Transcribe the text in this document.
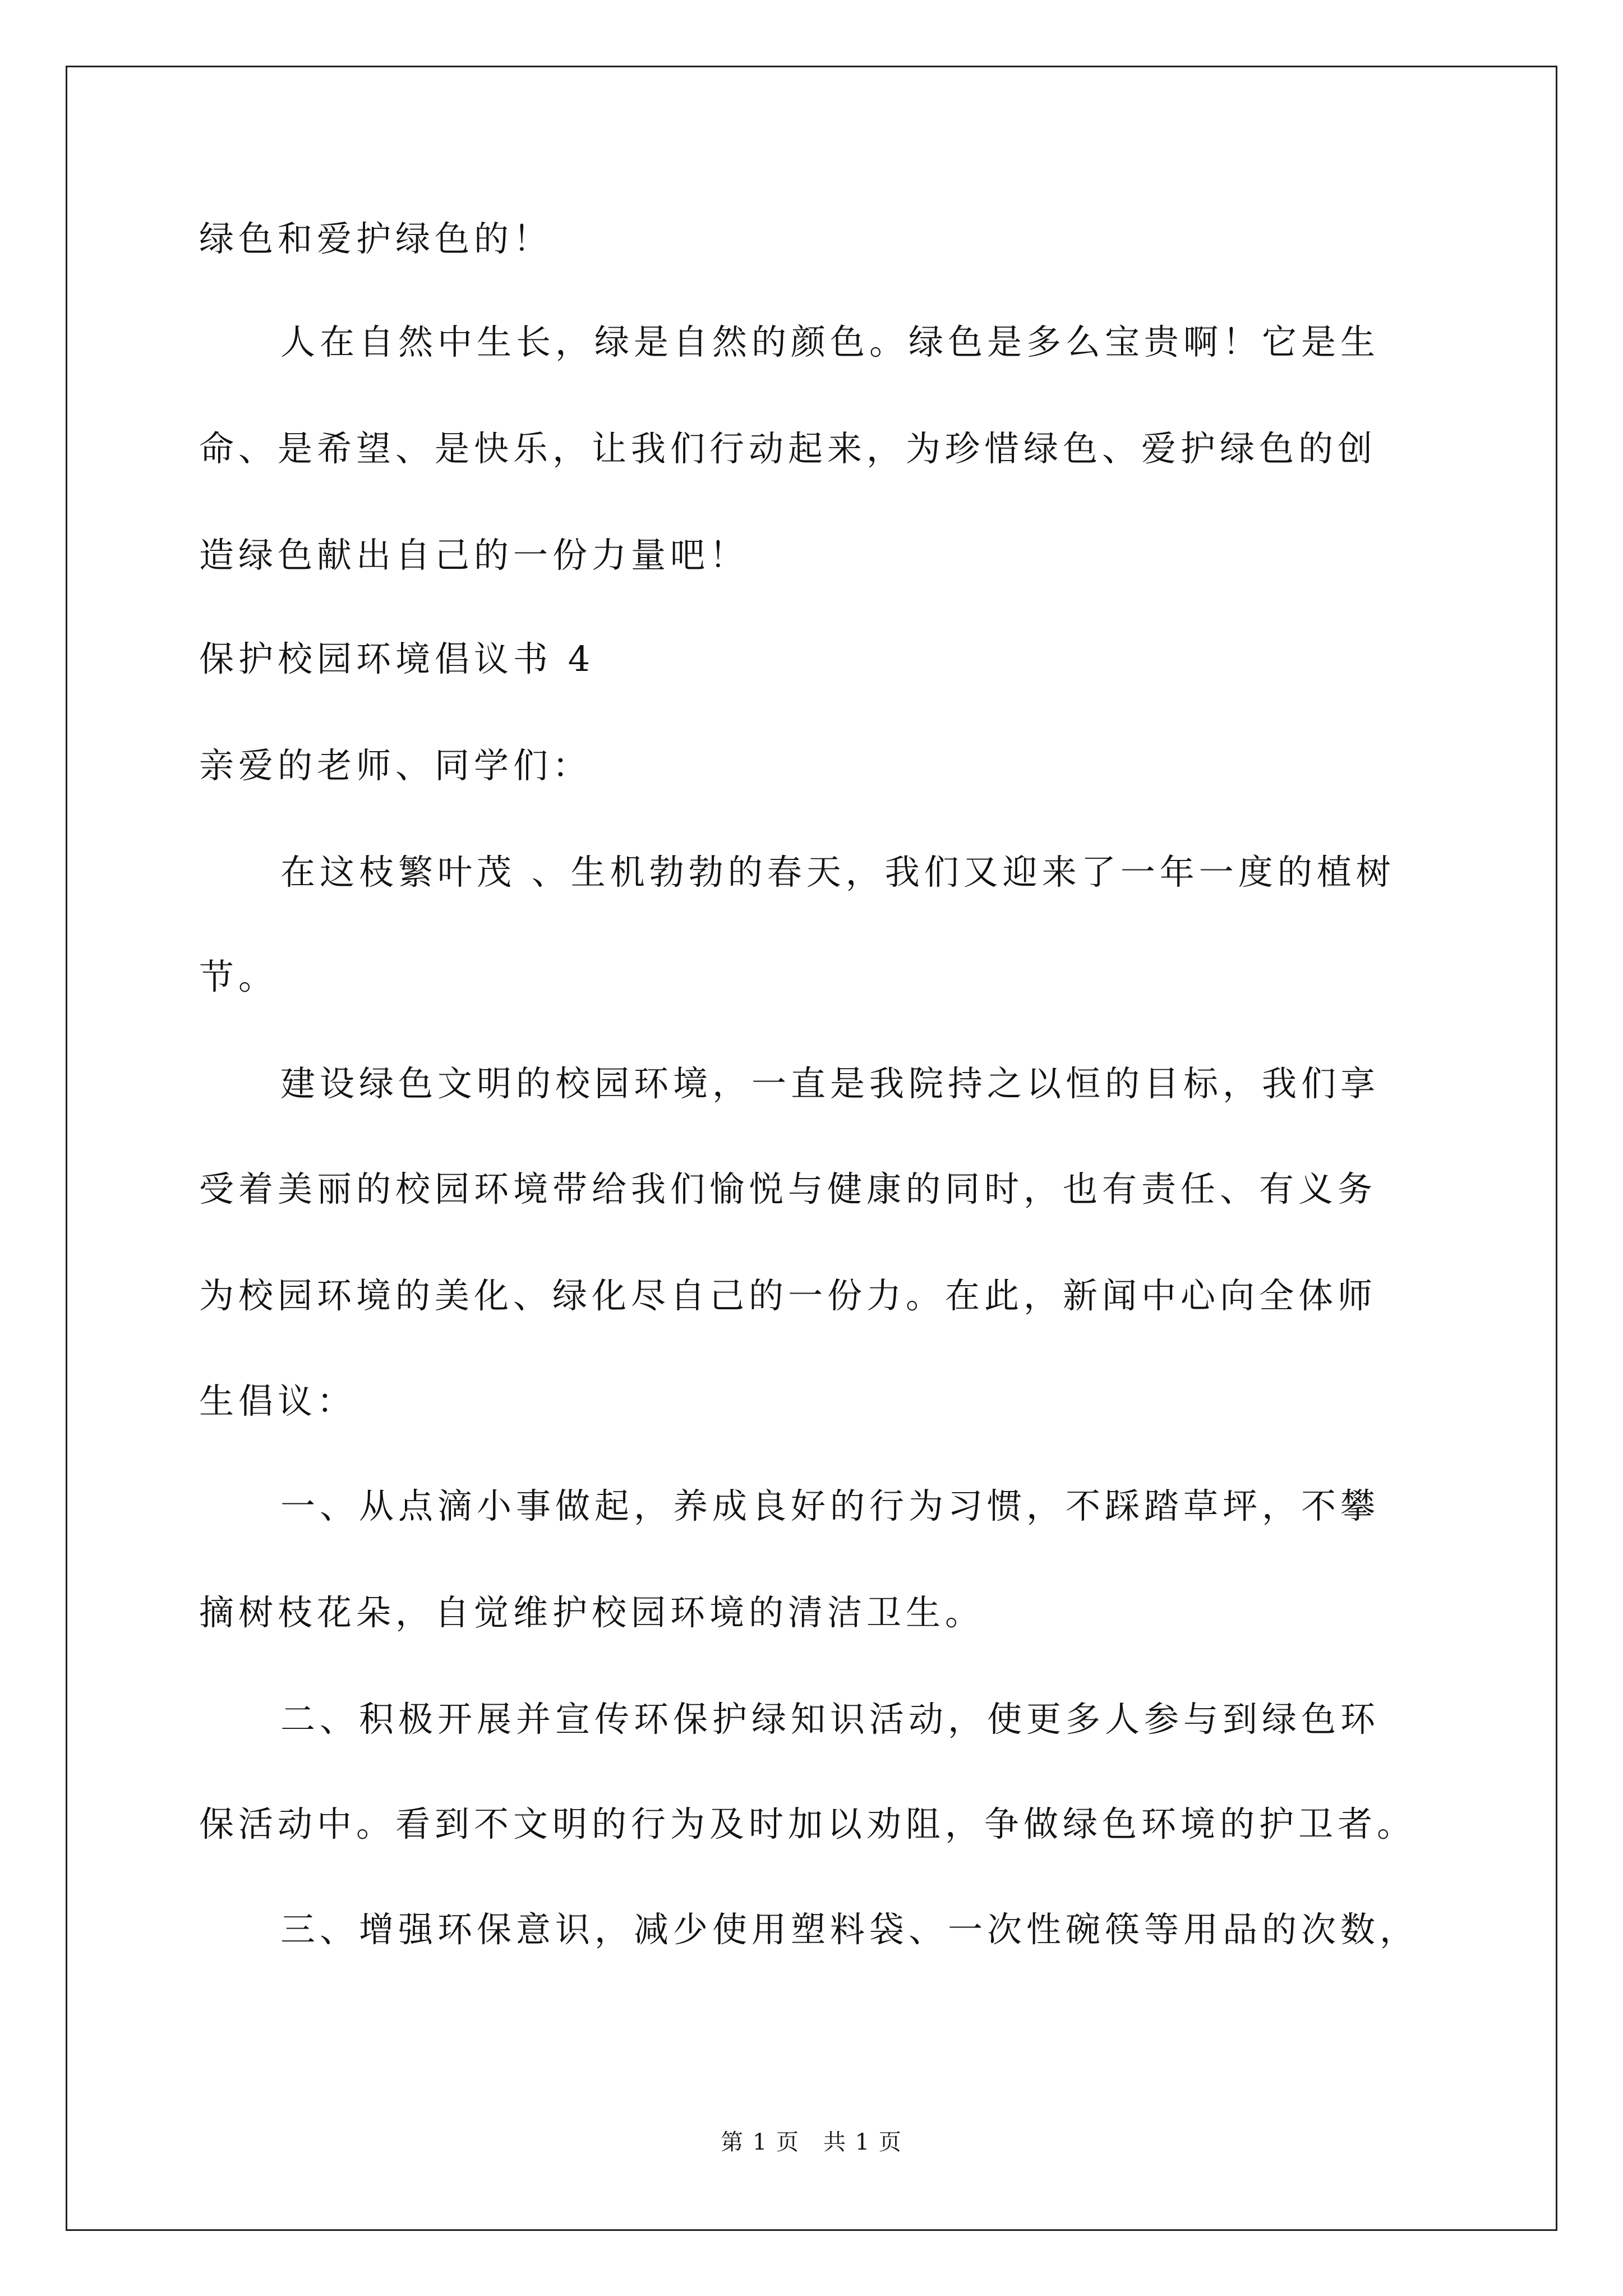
绿色和爱护绿色的！
人在自然中生长，绿是自然的颜色。绿色是多么宝贵啊！它是生
命、是希望、是快乐，让我们行动起来，为珍惜绿色、爱护绿色的创
造绿色献出自己的一份力量吧！
保护校园环境倡议书 4
亲爱的老师、同学们：
在这枝繁叶茂 、生机勃勃的春天，我们又迎来了一年一度的植树
节。
建设绿色文明的校园环境，一直是我院持之以恒的目标，我们享
受着美丽的校园环境带给我们愉悦与健康的同时，也有责任、有义务
为校园环境的美化、绿化尽自己的一份力。在此，新闻中心向全体师
生倡议：
一、从点滴小事做起，养成良好的行为习惯，不踩踏草坪，不攀
摘树枝花朵，自觉维护校园环境的清洁卫生。
二、积极开展并宣传环保护绿知识活动，使更多人参与到绿色环
保活动中。看到不文明的行为及时加以劝阻，争做绿色环境的护卫者。
三、增强环保意识，减少使用塑料袋、一次性碗筷等用品的次数，
第 1 页　共 1 页
